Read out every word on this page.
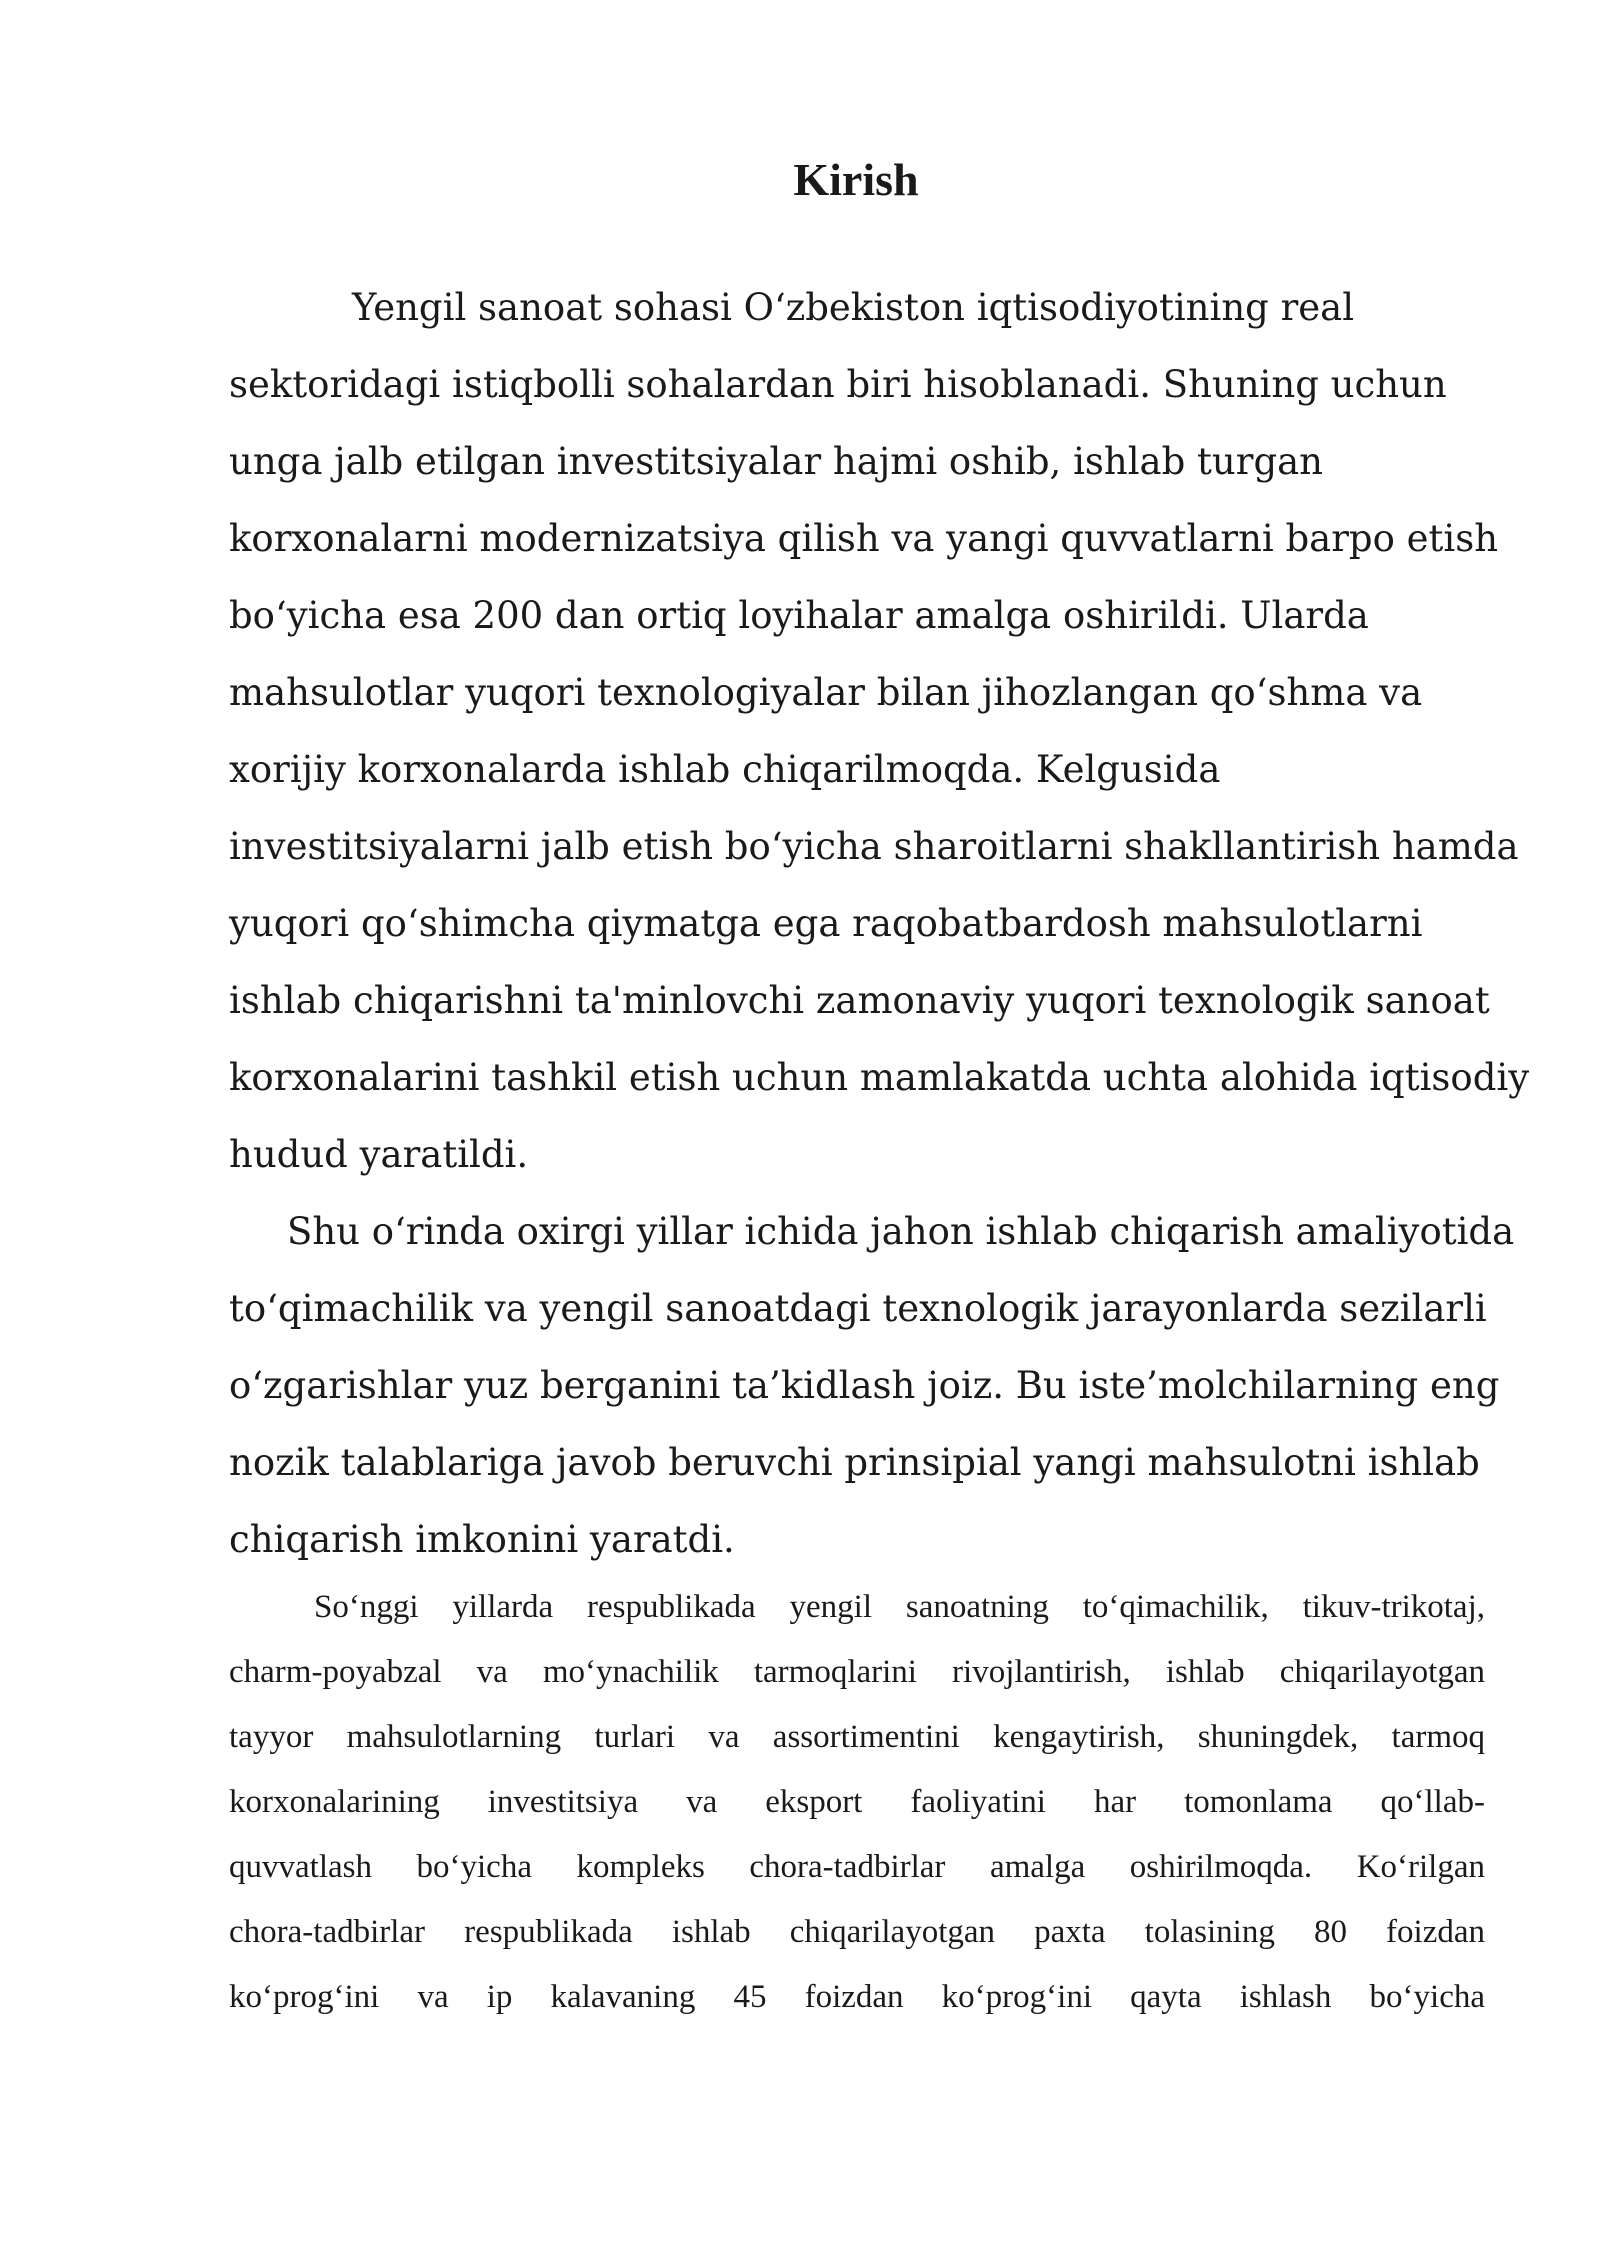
Kirish
Yengil sanoat sohasi O‘zbekiston iqtisodiyotining real
sektoridagi istiqbolli sohalardan biri hisoblanadi. Shuning uchun
unga jalb etilgan investitsiyalar hajmi oshib, ishlab turgan
korxonalarni modernizatsiya qilish va yangi quvvatlarni barpo etish
bo‘yicha esa 200 dan ortiq loyihalar amalga oshirildi. Ularda
mahsulotlar yuqori texnologiyalar bilan jihozlangan qo‘shma va
xorijiy korxonalarda ishlab chiqarilmoqda. Kelgusida
investitsiyalarni jalb etish bo‘yicha sharoitlarni shakllantirish hamda
yuqori qo‘shimcha qiymatga ega raqobatbardosh mahsulotlarni
ishlab chiqarishni ta'minlovchi zamonaviy yuqori texnologik sanoat
korxonalarini tashkil etish uchun mamlakatda uchta alohida iqtisodiy
hudud yaratildi.
Shu o‘rinda oxirgi yillar ichida jahon ishlab chiqarish amaliyotida
to‘qimachilik va yengil sanoatdagi texnologik jarayonlarda sezilarli
o‘zgarishlar yuz berganini ta’kidlash joiz. Bu iste’molchilarning eng
nozik talablariga javob beruvchi prinsipial yangi mahsulotni ishlab
chiqarish imkonini yaratdi.
So‘nggi yillarda respublikada yengil sanoatning to‘qimachilik, tikuv-trikotaj,
charm-poyabzal va mo‘ynachilik tarmoqlarini rivojlantirish, ishlab chiqarilayotgan
tayyor mahsulotlarning turlari va assortimentini kengaytirish, shuningdek, tarmoq
korxonalarining investitsiya va eksport faoliyatini har tomonlama qo‘llab-
quvvatlash bo‘yicha kompleks chora-tadbirlar amalga oshirilmoqda. Ko‘rilgan
chora-tadbirlar respublikada ishlab chiqarilayotgan paxta tolasining 80 foizdan
ko‘prog‘ini va ip kalavaning 45 foizdan ko‘prog‘ini qayta ishlash bo‘yicha
